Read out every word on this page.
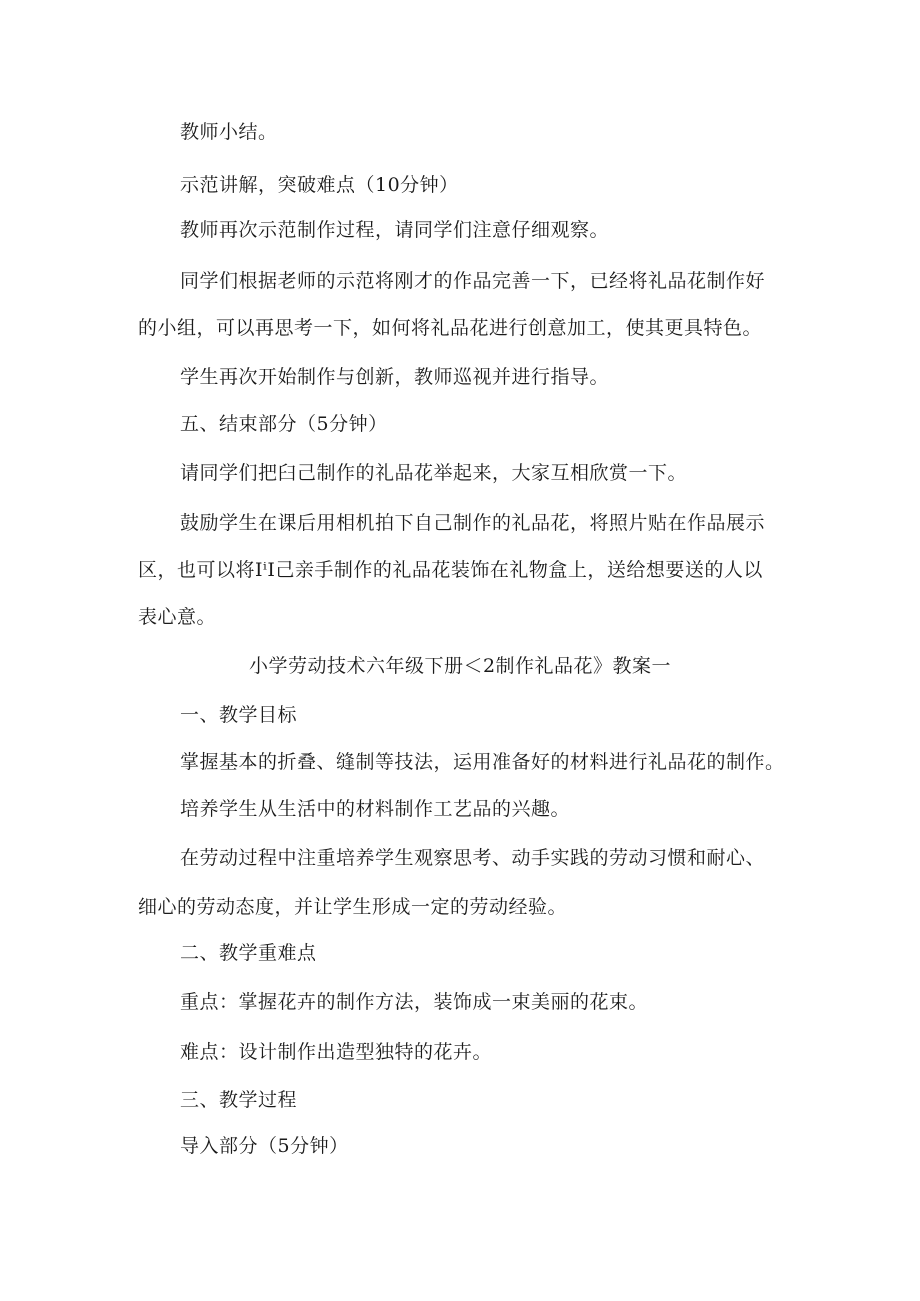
教师小结。
示范讲解，突破难点（10分钟）
教师再次示范制作过程，请同学们注意仔细观察。
同学们根据老师的示范将刚才的作品完善一下，已经将礼品花制作好
的小组，可以再思考一下，如何将礼品花进行创意加工，使其更具特色。
学生再次开始制作与创新，教师巡视并进行指导。
五、结束部分（5分钟）
请同学们把臼己制作的礼品花举起来，大家互相欣赏一下。
鼓励学生在课后用相机拍下自己制作的礼品花，将照片贴在作品展示
区，也可以将IⁱI己亲手制作的礼品花装饰在礼物盒上，送给想要送的人以
表心意。
小学劳动技术六年级下册＜2制作礼品花》教案一
一、教学目标
掌握基本的折叠、缝制等技法，运用准备好的材料进行礼品花的制作。
培养学生从生活中的材料制作工艺品的兴趣。
在劳动过程中注重培养学生观察思考、动手实践的劳动习惯和耐心、
细心的劳动态度，并让学生形成一定的劳动经验。
二、教学重难点
重点：掌握花卉的制作方法，装饰成一束美丽的花束。
难点：设计制作出造型独特的花卉。
三、教学过程
导入部分（5分钟）
